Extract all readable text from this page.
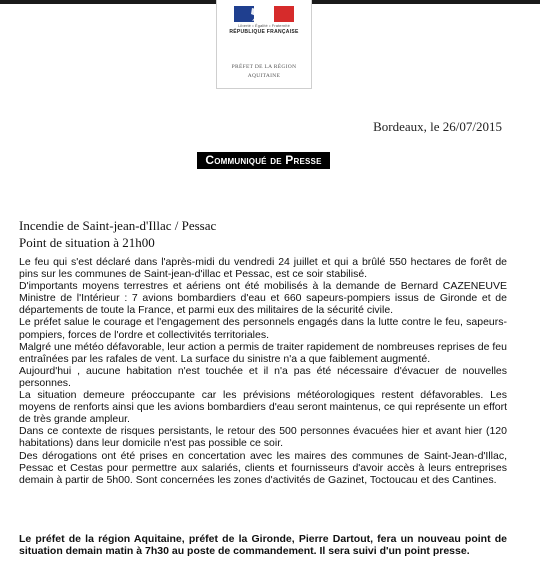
Liberté • Égalité • Fraternité
RÉPUBLIQUE FRANÇAISE
PRÉFET DE LA RÉGION
AQUITAINE
Bordeaux, le 26/07/2015
Communiqué de Presse
Incendie de Saint-jean-d'Illac / Pessac
Point de situation à 21h00

Le feu qui s'est déclaré dans l'après-midi du vendredi 24 juillet et qui a brûlé 550 hectares de forêt de pins sur les communes de Saint-jean-d'illac et Pessac, est ce soir stabilisé.

D'importants moyens terrestres et aériens ont été mobilisés à la demande de Bernard CAZENEUVE Ministre de l'Intérieur : 7 avions bombardiers d'eau et 660 sapeurs-pompiers issus de Gironde et de départements de toute la France, et parmi eux des militaires de la sécurité civile.

Le préfet salue le courage et l'engagement des personnels engagés dans la lutte contre le feu, sapeurs-pompiers, forces de l'ordre et collectivités territoriales.

Malgré une météo défavorable, leur action a permis de traiter rapidement de nombreuses reprises de feu entraînées par les rafales de vent. La surface du sinistre n'a a que faiblement augmenté.

Aujourd'hui , aucune habitation n'est touchée et il n'a pas été nécessaire d'évacuer de nouvelles personnes.

La situation demeure préoccupante car les prévisions météorologiques restent défavorables. Les moyens de renforts ainsi que les avions bombardiers d'eau seront maintenus, ce qui représente un effort de très grande ampleur.

Dans ce contexte de risques persistants, le retour des 500 personnes évacuées hier et avant hier (120 habitations) dans leur domicile n'est pas possible ce soir.

Des dérogations ont été prises en concertation avec les maires des communes de Saint-Jean-d'Illac, Pessac et Cestas pour permettre aux salariés, clients et fournisseurs d'avoir accès à leurs entreprises demain à partir de 5h00. Sont concernées les zones d'activités de Gazinet, Toctoucau et des Cantines.

Le préfet de la région Aquitaine, préfet de la Gironde, Pierre Dartout, fera un nouveau point de situation demain matin à 7h30 au poste de commandement. Il sera suivi d'un point presse.
